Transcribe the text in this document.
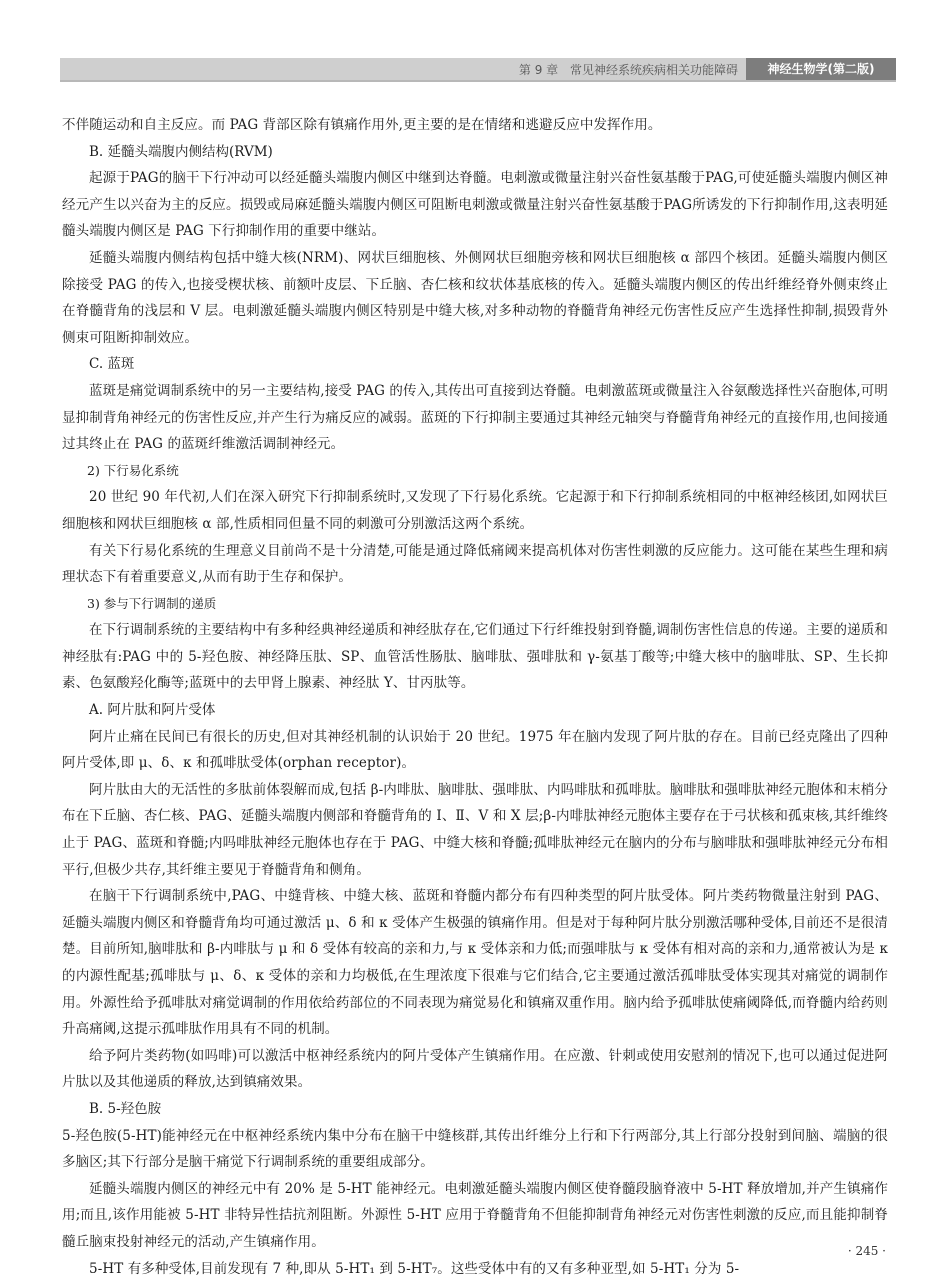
第 9 章 常见神经系统疾病相关功能障碍	神经生物学(第二版)

不伴随运动和自主反应。而 PAG 背部区除有镇痛作用外,更主要的是在情绪和逃避反应中发挥作用。

B. 延髓头端腹内侧结构(RVM)

起源于PAG的脑干下行冲动可以经延髓头端腹内侧区中继到达脊髓。电刺激或微量注射兴奋性氨基酸于PAG,可使延髓头端腹内侧区神经元产生以兴奋为主的反应。损毁或局麻延髓头端腹内侧区可阻断电刺激或微量注射兴奋性氨基酸于PAG所诱发的下行抑制作用,这表明延髓头端腹内侧区是 PAG 下行抑制作用的重要中继站。

延髓头端腹内侧结构包括中缝大核(NRM)、网状巨细胞核、外侧网状巨细胞旁核和网状巨细胞核 α 部四个核团。延髓头端腹内侧区除接受 PAG 的传入,也接受楔状核、前额叶皮层、下丘脑、杏仁核和纹状体基底核的传入。延髓头端腹内侧区的传出纤维经脊外侧束终止在脊髓背角的浅层和 V 层。电刺激延髓头端腹内侧区特别是中缝大核,对多种动物的脊髓背角神经元伤害性反应产生选择性抑制,损毁背外侧束可阻断抑制效应。

C. 蓝斑

蓝斑是痛觉调制系统中的另一主要结构,接受 PAG 的传入,其传出可直接到达脊髓。电刺激蓝斑或微量注入谷氨酸选择性兴奋胞体,可明显抑制背角神经元的伤害性反应,并产生行为痛反应的减弱。蓝斑的下行抑制主要通过其神经元轴突与脊髓背角神经元的直接作用,也间接通过其终止在 PAG 的蓝斑纤维激活调制神经元。

2) 下行易化系统

20 世纪 90 年代初,人们在深入研究下行抑制系统时,又发现了下行易化系统。它起源于和下行抑制系统相同的中枢神经核团,如网状巨细胞核和网状巨细胞核 α 部,性质相同但量不同的刺激可分别激活这两个系统。

有关下行易化系统的生理意义目前尚不是十分清楚,可能是通过降低痛阈来提高机体对伤害性刺激的反应能力。这可能在某些生理和病理状态下有着重要意义,从而有助于生存和保护。

3) 参与下行调制的递质

在下行调制系统的主要结构中有多种经典神经递质和神经肽存在,它们通过下行纤维投射到脊髓,调制伤害性信息的传递。主要的递质和神经肽有:PAG 中的 5-羟色胺、神经降压肽、SP、血管活性肠肽、脑啡肽、强啡肽和 γ-氨基丁酸等;中缝大核中的脑啡肽、SP、生长抑素、色氨酸羟化酶等;蓝斑中的去甲肾上腺素、神经肽 Y、甘丙肽等。

A. 阿片肽和阿片受体

阿片止痛在民间已有很长的历史,但对其神经机制的认识始于 20 世纪。1975 年在脑内发现了阿片肽的存在。目前已经克隆出了四种阿片受体,即 μ、δ、κ 和孤啡肽受体(orphan receptor)。

阿片肽由大的无活性的多肽前体裂解而成,包括 β-内啡肽、脑啡肽、强啡肽、内吗啡肽和孤啡肽。脑啡肽和强啡肽神经元胞体和末梢分布在下丘脑、杏仁核、PAG、延髓头端腹内侧部和脊髓背角的 Ⅰ、Ⅱ、Ⅴ 和 Ⅹ 层;β-内啡肽神经元胞体主要存在于弓状核和孤束核,其纤维终止于 PAG、蓝斑和脊髓;内吗啡肽神经元胞体也存在于 PAG、中缝大核和脊髓;孤啡肽神经元在脑内的分布与脑啡肽和强啡肽神经元分布相平行,但极少共存,其纤维主要见于脊髓背角和侧角。

在脑干下行调制系统中,PAG、中缝背核、中缝大核、蓝斑和脊髓内都分布有四种类型的阿片肽受体。阿片类药物微量注射到 PAG、延髓头端腹内侧区和脊髓背角均可通过激活 μ、δ 和 κ 受体产生极强的镇痛作用。但是对于每种阿片肽分别激活哪种受体,目前还不是很清楚。目前所知,脑啡肽和 β-内啡肽与 μ 和 δ 受体有较高的亲和力,与 κ 受体亲和力低;而强啡肽与 κ 受体有相对高的亲和力,通常被认为是 κ 的内源性配基;孤啡肽与 μ、δ、κ 受体的亲和力均极低,在生理浓度下很难与它们结合,它主要通过激活孤啡肽受体实现其对痛觉的调制作用。外源性给予孤啡肽对痛觉调制的作用依给药部位的不同表现为痛觉易化和镇痛双重作用。脑内给予孤啡肽使痛阈降低,而脊髓内给药则升高痛阈,这提示孤啡肽作用具有不同的机制。

给予阿片类药物(如吗啡)可以激活中枢神经系统内的阿片受体产生镇痛作用。在应激、针刺或使用安慰剂的情况下,也可以通过促进阿片肽以及其他递质的释放,达到镇痛效果。

B. 5-羟色胺

5-羟色胺(5-HT)能神经元在中枢神经系统内集中分布在脑干中缝核群,其传出纤维分上行和下行两部分,其上行部分投射到间脑、端脑的很多脑区;其下行部分是脑干痛觉下行调制系统的重要组成部分。

延髓头端腹内侧区的神经元中有 20% 是 5-HT 能神经元。电刺激延髓头端腹内侧区使脊髓段脑脊液中 5-HT 释放增加,并产生镇痛作用;而且,该作用能被 5-HT 非特异性拮抗剂阻断。外源性 5-HT 应用于脊髓背角不但能抑制背角神经元对伤害性刺激的反应,而且能抑制脊髓丘脑束投射神经元的活动,产生镇痛作用。

5-HT 有多种受体,目前发现有 7 种,即从 5-HT₁ 到 5-HT₇。这些受体中有的又有多种亚型,如 5-HT₁ 分为 5-

· 245 ·
